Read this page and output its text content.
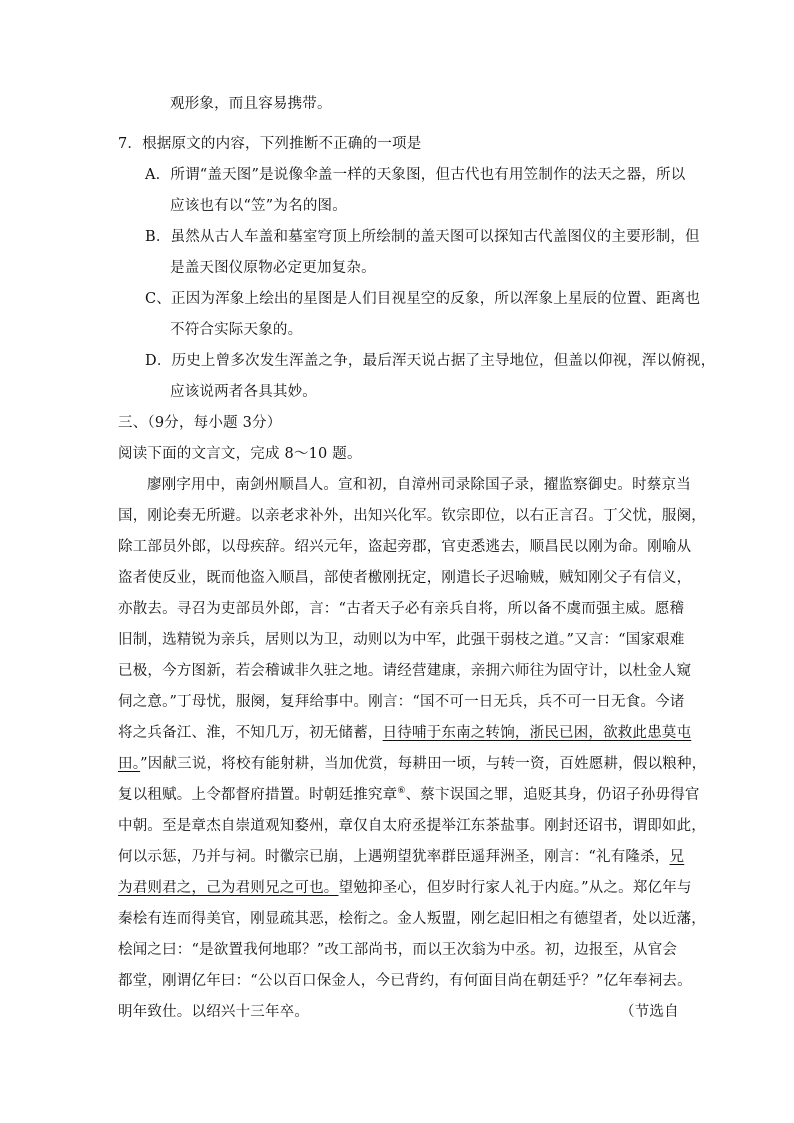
观形象，而且容易携带。
7．根据原文的内容，下列推断不正确的一项是
A．所谓“盖天图”是说像伞盖一样的天象图，但古代也有用笠制作的法天之器，所以
应该也有以“笠”为名的图。
B．虽然从古人车盖和墓室穹顶上所绘制的盖天图可以探知古代盖图仪的主要形制，但
是盖天图仪原物必定更加复杂。
C、正因为浑象上绘出的星图是人们目视星空的反象，所以浑象上星辰的位置、距离也
不符合实际天象的。
D．历史上曾多次发生浑盖之争，最后浑天说占据了主导地位，但盖以仰视，浑以俯视，
应该说两者各具其妙。
三、（9分，每小题 3分）
阅读下面的文言文，完成 8～10 题。
廖刚字用中，南剑州顺昌人。宣和初，自漳州司录除国子录，擢监察御史。时蔡京当
国，刚论奏无所避。以亲老求补外，出知兴化军。钦宗即位，以右正言召。丁父忧，服阕，
除工部员外郎，以母疾辞。绍兴元年，盗起旁郡，官吏悉逃去，顺昌民以刚为命。刚喻从
盗者使反业，既而他盗入顺昌，部使者檄刚抚定，刚遣长子迟喻贼，贼知刚父子有信义，
亦散去。寻召为吏部员外郎，言：“古者天子必有亲兵自将，所以备不虞而强主威。愿稽
旧制，选精锐为亲兵，居则以为卫，动则以为中军，此强干弱枝之道。”又言：“国家艰难
已极，今方图新，若会稽诚非久驻之地。请经营建康，亲拥六师往为固守计，以杜金人窥
伺之意。”丁母忧，服阕，复拜给事中。刚言：“国不可一日无兵，兵不可一日无食。今诸
将之兵备江、淮，不知几万，初无储蓄，日待哺于东南之转饷，浙民已困，欲救此患莫屯
田。”因献三说，将校有能射耕，当加优赏，每耕田一顷，与转一资，百姓愿耕，假以粮种，
复以租赋。上令都督府措置。时朝廷推究章⑥、蔡卞误国之罪，追贬其身，仍诏子孙毋得官
中朝。至是章杰自崇道观知婺州，章仅自太府丞提举江东茶盐事。刚封还诏书，谓即如此，
何以示惩，乃并与祠。时徽宗已崩，上遇朔望犹率群臣遥拜洲圣，刚言：“礼有隆杀，兄
为君则君之，己为君则兄之可也。望勉抑圣心，但岁时行家人礼于内庭。”从之。郑亿年与
秦桧有连而得美官，刚显疏其恶，桧衔之。金人叛盟，刚乞起旧相之有德望者，处以近藩，
桧闻之曰：“是欲置我何地耶？”改工部尚书，而以王次翁为中丞。初，边报至，从官会
都堂，刚谓亿年曰：“公以百口保金人，今已背约，有何面目尚在朝廷乎？”亿年奉祠去。
明年致仕。以绍兴十三年卒。	（节选自
